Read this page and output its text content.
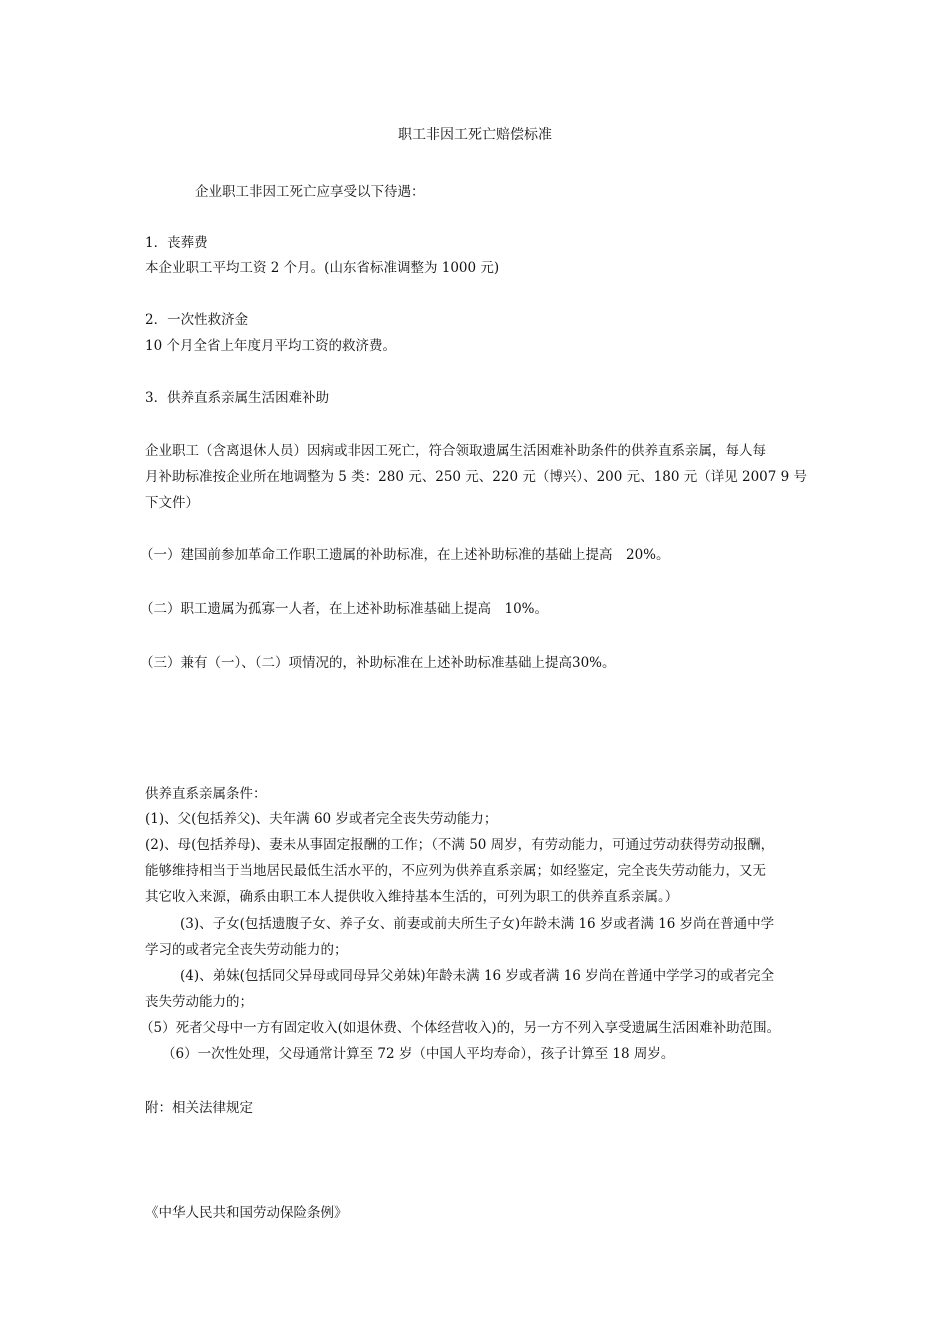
职工非因工死亡赔偿标准
企业职工非因工死亡应享受以下待遇：
1．丧葬费
本企业职工平均工资 2 个月。(山东省标准调整为 1000 元)
2．一次性救济金
10 个月全省上年度月平均工资的救济费。
3．供养直系亲属生活困难补助
企业职工（含离退休人员）因病或非因工死亡，符合领取遗属生活困难补助条件的供养直系亲属，每人每
月补助标准按企业所在地调整为 5 类：280 元、250 元、220 元（博兴）、200 元、180 元（详见 2007 9 号
下文件）
（一）建国前参加革命工作职工遗属的补助标准，在上述补助标准的基础上提高　20%。
（二）职工遗属为孤寡一人者，在上述补助标准基础上提高　10%。
（三）兼有（一）、（二）项情况的，补助标准在上述补助标准基础上提高30%。
供养直系亲属条件：
(1)、父(包括养父)、夫年满 60 岁或者完全丧失劳动能力；
(2)、母(包括养母)、妻未从事固定报酬的工作；（不满 50 周岁，有劳动能力，可通过劳动获得劳动报酬，
能够维持相当于当地居民最低生活水平的，不应列为供养直系亲属；如经鉴定，完全丧失劳动能力，又无
其它收入来源，确系由职工本人提供收入维持基本生活的，可列为职工的供养直系亲属。）
(3)、子女(包括遗腹子女、养子女、前妻或前夫所生子女)年龄未满 16 岁或者满 16 岁尚在普通中学
学习的或者完全丧失劳动能力的；
(4)、弟妹(包括同父异母或同母异父弟妹)年龄未满 16 岁或者满 16 岁尚在普通中学学习的或者完全
丧失劳动能力的；
（5）死者父母中一方有固定收入(如退休费、个体经营收入)的，另一方不列入享受遗属生活困难补助范围。
（6）一次性处理，父母通常计算至 72 岁（中国人平均寿命），孩子计算至 18 周岁。
附：相关法律规定
《中华人民共和国劳动保险条例》
